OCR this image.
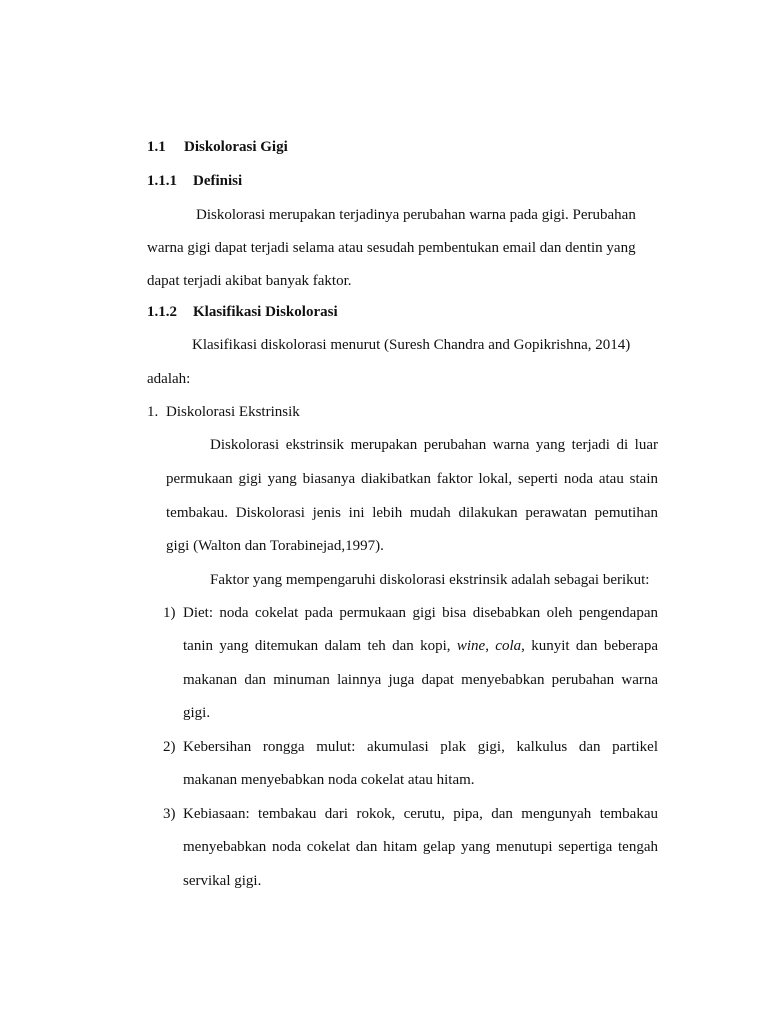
1.1 Diskolorasi Gigi
1.1.1 Definisi
Diskolorasi merupakan terjadinya perubahan warna pada gigi. Perubahan
warna gigi dapat terjadi selama atau sesudah pembentukan email dan dentin yang
dapat terjadi akibat banyak faktor.
1.1.2 Klasifikasi Diskolorasi
Klasifikasi diskolorasi menurut (Suresh Chandra and Gopikrishna, 2014)
adalah:
1. Diskolorasi Ekstrinsik
Diskolorasi ekstrinsik merupakan perubahan warna yang terjadi di luar
permukaan gigi yang biasanya diakibatkan faktor lokal, seperti noda atau stain
tembakau. Diskolorasi jenis ini lebih mudah dilakukan perawatan pemutihan
gigi (Walton dan Torabinejad,1997).
Faktor yang mempengaruhi diskolorasi ekstrinsik adalah sebagai berikut:
1) Diet: noda cokelat pada permukaan gigi bisa disebabkan oleh pengendapan
tanin yang ditemukan dalam teh dan kopi, wine, cola, kunyit dan beberapa
makanan dan minuman lainnya juga dapat menyebabkan perubahan warna
gigi.
2) Kebersihan rongga mulut: akumulasi plak gigi, kalkulus dan partikel
makanan menyebabkan noda cokelat atau hitam.
3) Kebiasaan: tembakau dari rokok, cerutu, pipa, dan mengunyah tembakau
menyebabkan noda cokelat dan hitam gelap yang menutupi sepertiga tengah
servikal gigi.
